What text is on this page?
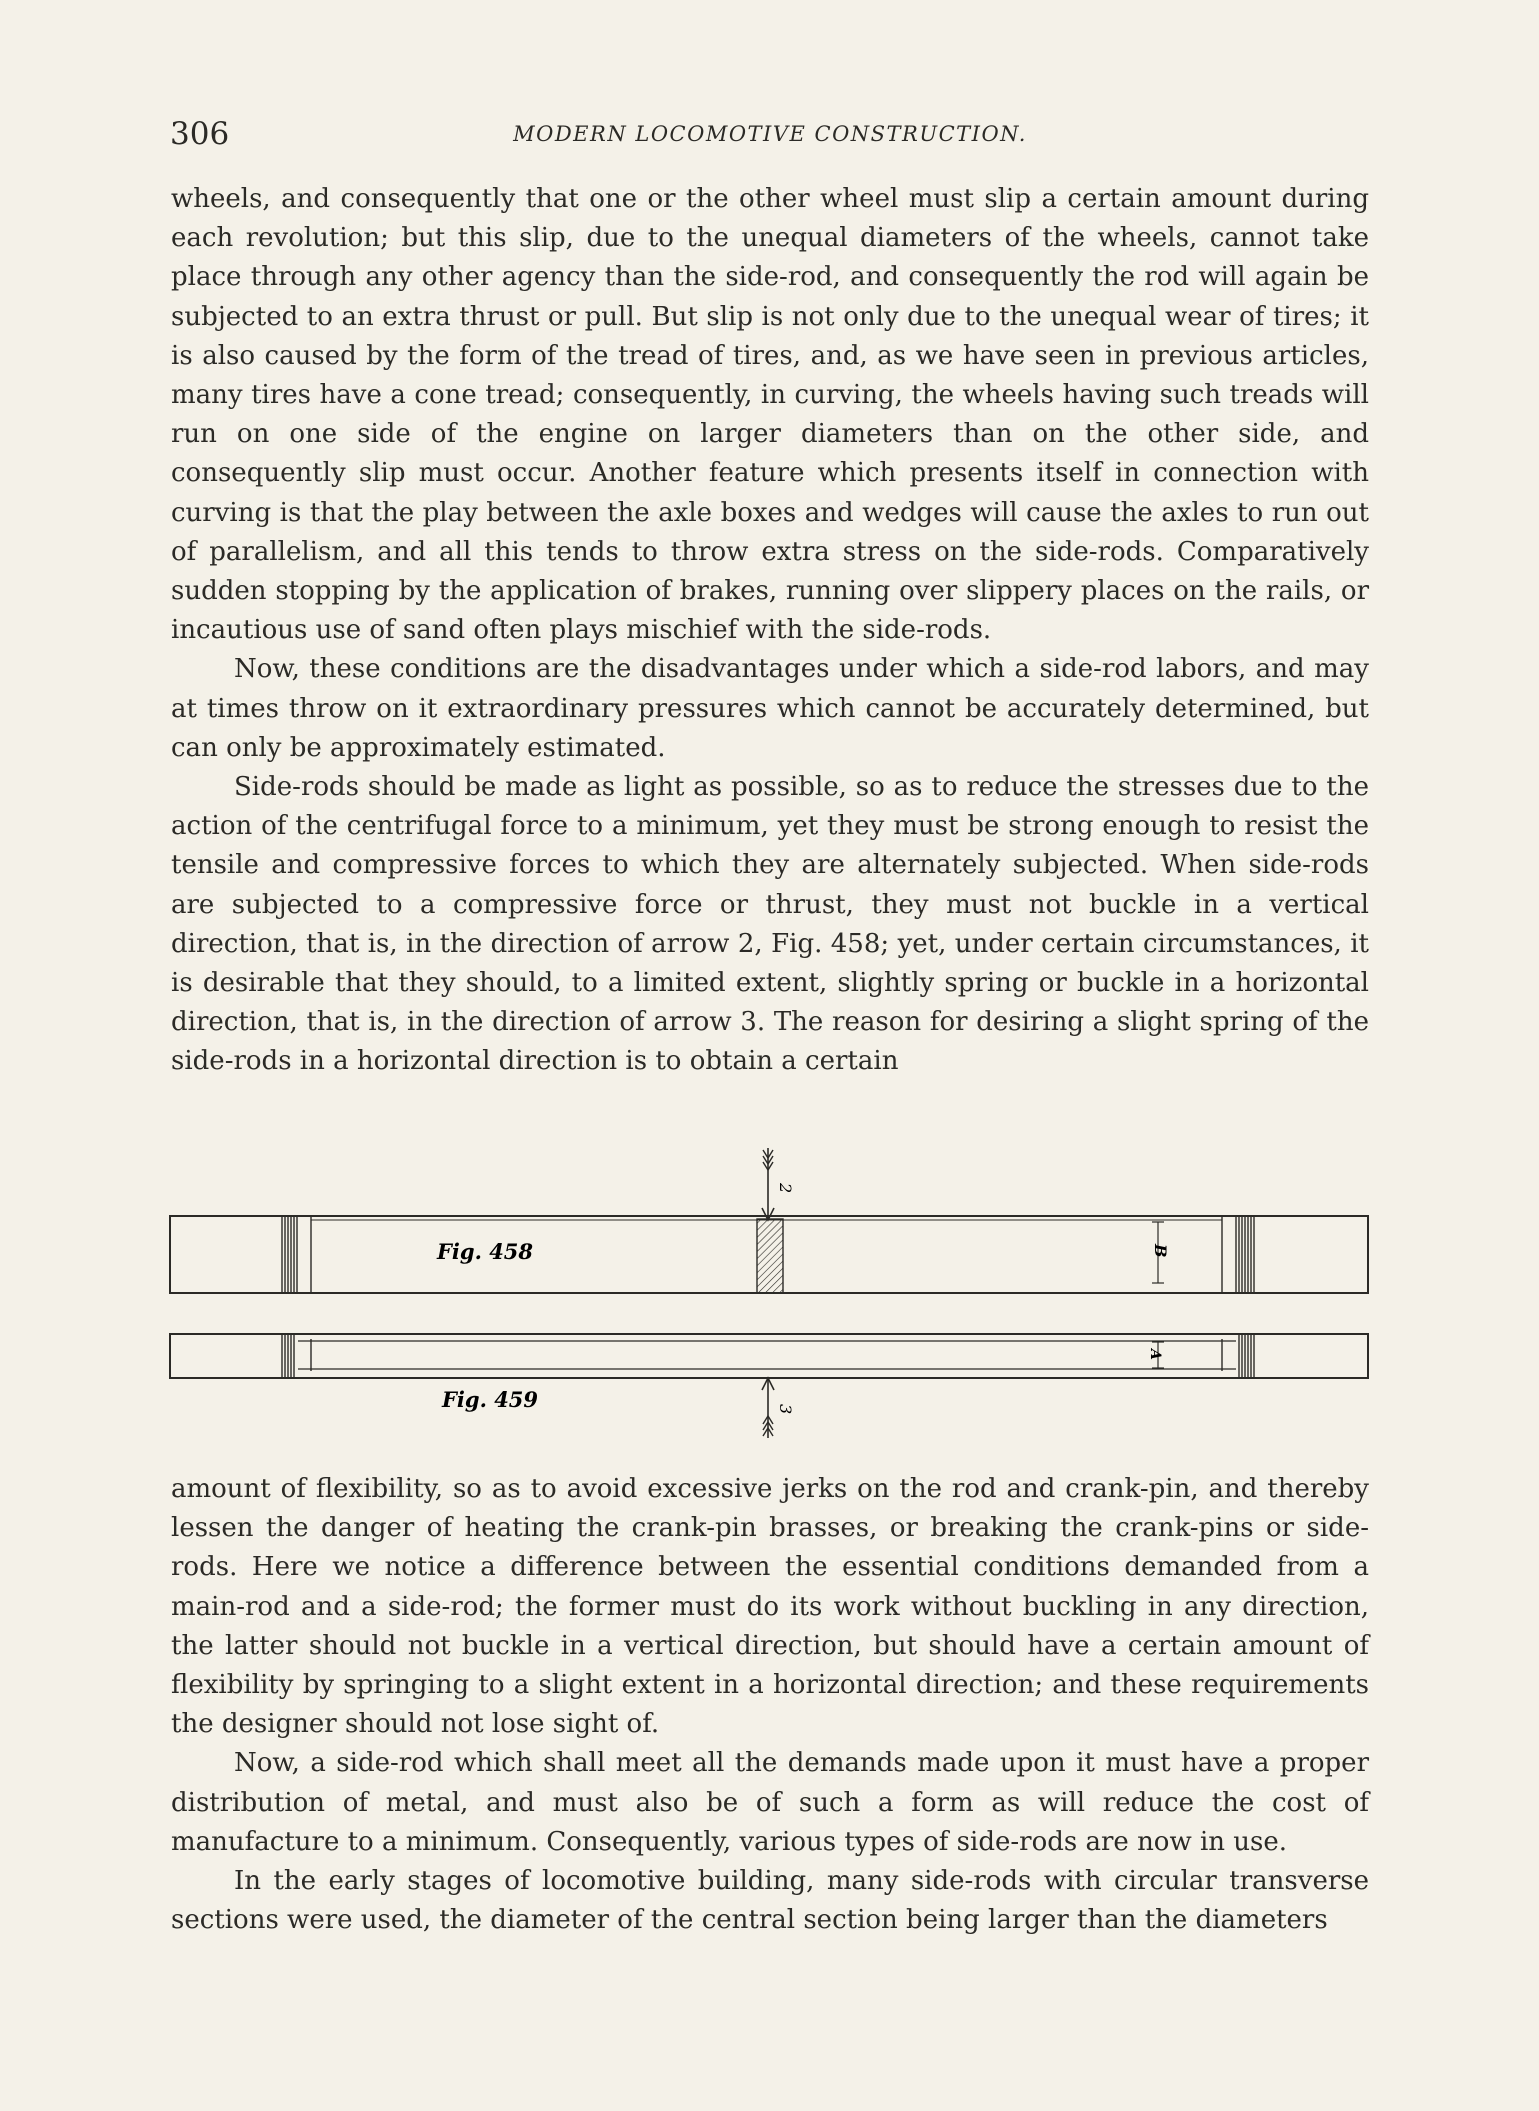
306	MODERN LOCOMOTIVE CONSTRUCTION.

wheels, and consequently that one or the other wheel must slip a certain amount during each revolution; but this slip, due to the unequal diameters of the wheels, cannot take place through any other agency than the side-rod, and consequently the rod will again be subjected to an extra thrust or pull. But slip is not only due to the unequal wear of tires; it is also caused by the form of the tread of tires, and, as we have seen in previous articles, many tires have a cone tread; consequently, in curving, the wheels having such treads will run on one side of the engine on larger diameters than on the other side, and consequently slip must occur. Another feature which presents itself in connection with curving is that the play between the axle boxes and wedges will cause the axles to run out of parallelism, and all this tends to throw extra stress on the side-rods. Comparatively sudden stopping by the application of brakes, running over slippery places on the rails, or incautious use of sand often plays mischief with the side-rods.

Now, these conditions are the disadvantages under which a side-rod labors, and may at times throw on it extraordinary pressures which cannot be accurately determined, but can only be approximately estimated.

Side-rods should be made as light as possible, so as to reduce the stresses due to the action of the centrifugal force to a minimum, yet they must be strong enough to resist the tensile and compressive forces to which they are alternately subjected. When side-rods are subjected to a compressive force or thrust, they must not buckle in a vertical direction, that is, in the direction of arrow 2, Fig. 458; yet, under certain circumstances, it is desirable that they should, to a limited extent, slightly spring or buckle in a horizontal direction, that is, in the direction of arrow 3. The reason for desiring a slight spring of the side-rods in a horizontal direction is to obtain a certain

2
Fig. 458	B
A
Fig. 459	3

amount of flexibility, so as to avoid excessive jerks on the rod and crank-pin, and thereby lessen the danger of heating the crank-pin brasses, or breaking the crank-pins or side-rods. Here we notice a difference between the essential conditions demanded from a main-rod and a side-rod; the former must do its work without buckling in any direction, the latter should not buckle in a vertical direction, but should have a certain amount of flexibility by springing to a slight extent in a horizontal direction; and these requirements the designer should not lose sight of.

Now, a side-rod which shall meet all the demands made upon it must have a proper distribution of metal, and must also be of such a form as will reduce the cost of manufacture to a minimum. Consequently, various types of side-rods are now in use.

In the early stages of locomotive building, many side-rods with circular transverse sections were used, the diameter of the central section being larger than the diameters
